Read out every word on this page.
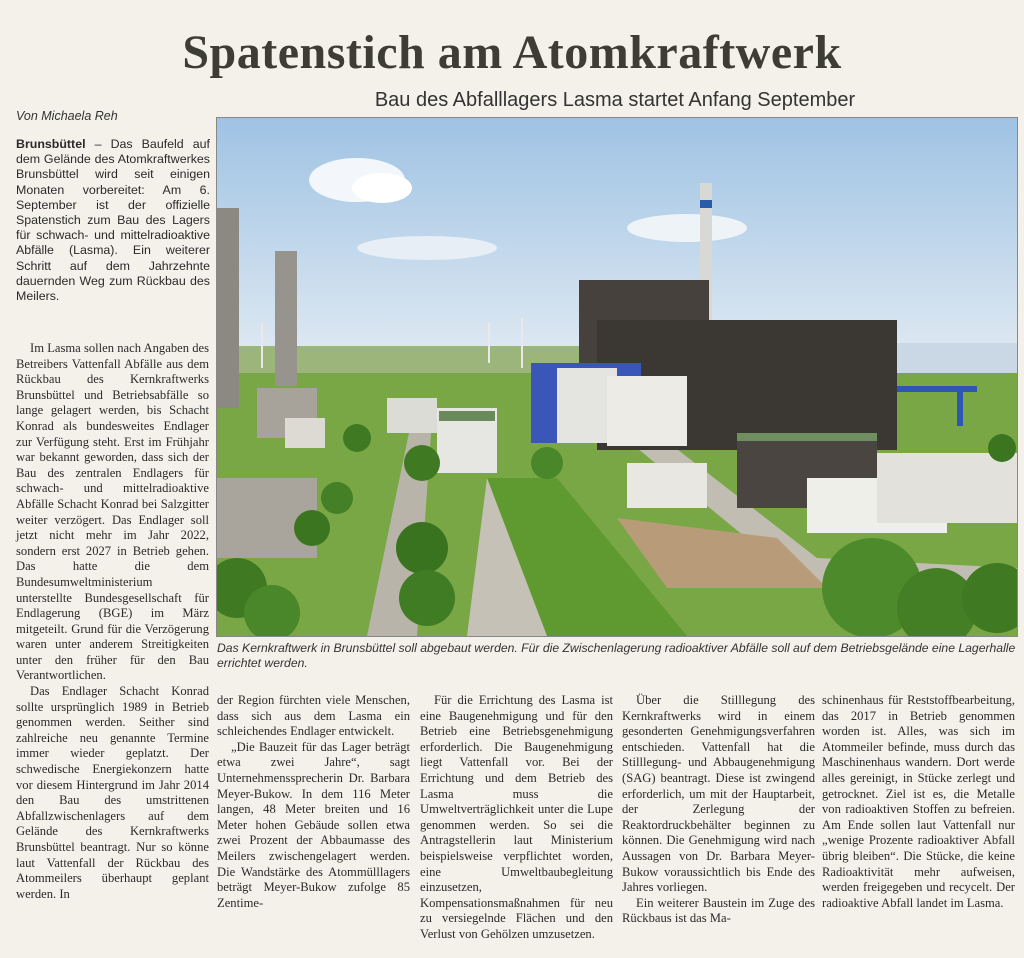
Spatenstich am Atomkraftwerk
Bau des Abfalllagers Lasma startet Anfang September
Von Michaela Reh
Brunsbüttel – Das Baufeld auf dem Gelände des Atomkraftwerkes Brunsbüttel wird seit einigen Monaten vorbereitet: Am 6. September ist der offizielle Spatenstich zum Bau des Lagers für schwach- und mittelradioaktive Abfälle (Lasma). Ein weiterer Schritt auf dem Jahrzehnte dauernden Weg zum Rückbau des Meilers.

Im Lasma sollen nach Angaben des Betreibers Vattenfall Abfälle aus dem Rückbau des Kernkraftwerks Brunsbüttel und Betriebsabfälle so lange gelagert werden, bis Schacht Konrad als bundesweites Endlager zur Verfügung steht. Erst im Frühjahr war bekannt geworden, dass sich der Bau des zentralen Endlagers für schwach- und mittelradioaktive Abfälle Schacht Konrad bei Salzgitter weiter verzögert. Das Endlager soll jetzt nicht mehr im Jahr 2022, sondern erst 2027 in Betrieb gehen. Das hatte die dem Bundesumweltministerium unterstellte Bundesgesellschaft für Endlagerung (BGE) im März mitgeteilt. Grund für die Verzögerung waren unter anderem Streitigkeiten unter den früher für den Bau Verantwortlichen.

Das Endlager Schacht Konrad sollte ursprünglich 1989 in Betrieb genommen werden. Seither sind zahlreiche neu genannte Termine immer wieder geplatzt. Der schwedische Energiekonzern hatte vor diesem Hintergrund im Jahr 2014 den Bau des umstrittenen Abfallzwischenlagers auf dem Gelände des Kernkraftwerks Brunsbüttel beantragt. Nur so könne laut Vattenfall der Rückbau des Atommeilers überhaupt geplant werden. In

Das Kernkraftwerk in Brunsbüttel soll abgebaut werden. Für die Zwischenlagerung radioaktiver Abfälle soll auf dem Betriebsgelände eine Lagerhalle errichtet werden.

der Region fürchten viele Menschen, dass sich aus dem Lasma ein schleichendes Endlager entwickelt.

„Die Bauzeit für das Lager beträgt etwa zwei Jahre“, sagt Unternehmenssprecherin Dr. Barbara Meyer-Bukow. In dem 116 Meter langen, 48 Meter breiten und 16 Meter hohen Gebäude sollen etwa zwei Prozent der Abbaumasse des Meilers zwischengelagert werden. Die Wandstärke des Atommülllagers beträgt Meyer-Bukow zufolge 85 Zentime-

Für die Errichtung des Lasma ist eine Baugenehmigung und für den Betrieb eine Betriebsgenehmigung erforderlich. Die Baugenehmigung liegt Vattenfall vor. Bei der Errichtung und dem Betrieb des Lasma muss die Umweltverträglichkeit unter die Lupe genommen werden. So sei die Antragstellerin laut Ministerium beispielsweise verpflichtet worden, eine Umweltbaubegleitung einzusetzen, Kompensationsmaßnahmen für neu zu versiegelnde Flächen und den Verlust von Gehölzen umzusetzen.

Über die Stilllegung des Kernkraftwerks wird in einem gesonderten Genehmigungsverfahren entschieden. Vattenfall hat die Stilllegung- und Abbaugenehmigung (SAG) beantragt. Diese ist zwingend erforderlich, um mit der Hauptarbeit, der Zerlegung der Reaktordruckbehälter beginnen zu können. Die Genehmigung wird nach Aussagen von Dr. Barbara Meyer-Bukow voraussichtlich bis Ende des Jahres vorliegen.

Ein weiterer Baustein im Zuge des Rückbaus ist das Ma-

schinenhaus für Reststoffbearbeitung, das 2017 in Betrieb genommen worden ist. Alles, was sich im Atommeiler befinde, muss durch das Maschinenhaus wandern. Dort werde alles gereinigt, in Stücke zerlegt und getrocknet. Ziel ist es, die Metalle von radioaktiven Stoffen zu befreien. Am Ende sollen laut Vattenfall nur „wenige Prozente radioaktiver Abfall übrig bleiben“. Die Stücke, die keine Radioaktivität mehr aufweisen, werden freigegeben und recycelt. Der radioaktive Abfall landet im Lasma.
